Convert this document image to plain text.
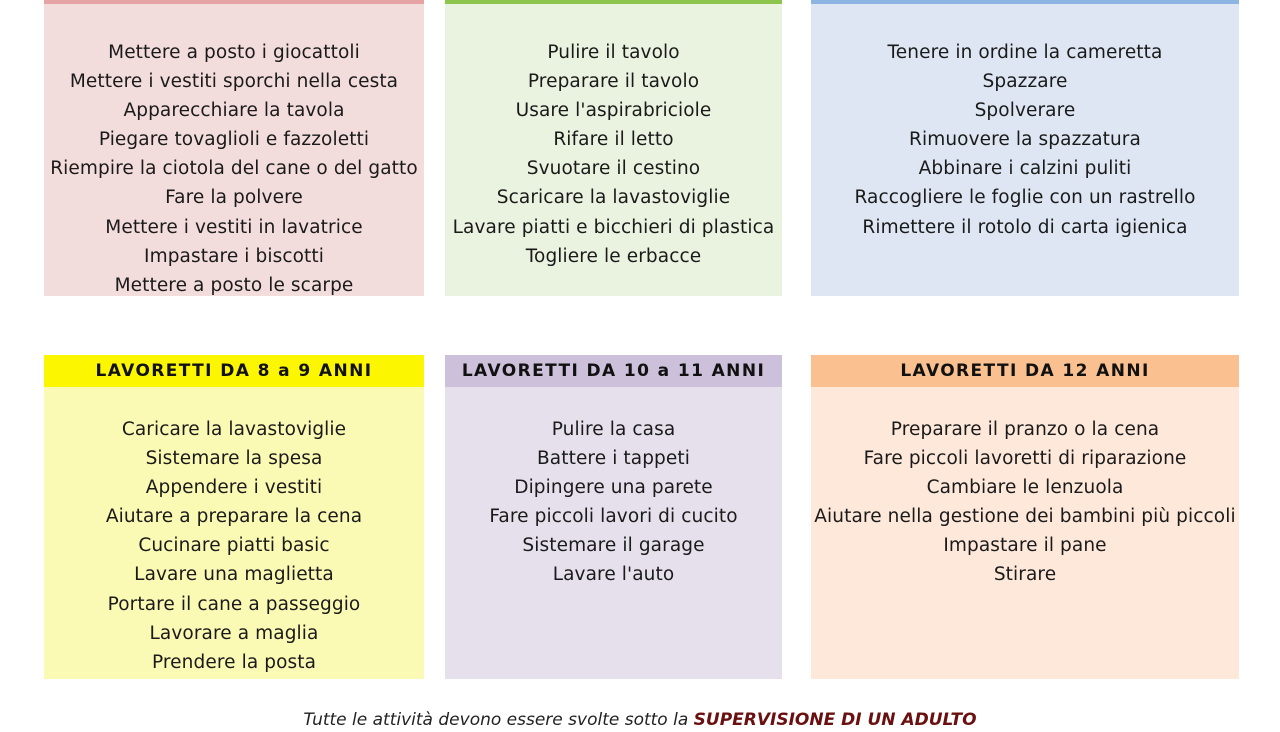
Mettere a posto i giocattoli
Mettere i vestiti sporchi nella cesta
Apparecchiare la tavola
Piegare tovaglioli e fazzoletti
Riempire la ciotola del cane o del gatto
Fare la polvere
Mettere i vestiti in lavatrice
Impastare i biscotti
Mettere a posto le scarpe
Pulire il tavolo
Preparare il tavolo
Usare l'aspirabriciole
Rifare il letto
Svuotare il cestino
Scaricare la lavastoviglie
Lavare piatti e bicchieri di plastica
Togliere le erbacce
Tenere in ordine la cameretta
Spazzare
Spolverare
Rimuovere la spazzatura
Abbinare i calzini puliti
Raccogliere le foglie con un rastrello
Rimettere il rotolo di carta igienica
LAVORETTI DA 8 a 9 ANNI
Caricare la lavastoviglie
Sistemare la spesa
Appendere i vestiti
Aiutare a preparare la cena
Cucinare piatti basic
Lavare una maglietta
Portare il cane a passeggio
Lavorare a maglia
Prendere la posta
LAVORETTI DA 10 a 11 ANNI
Pulire la casa
Battere i tappeti
Dipingere una parete
Fare piccoli lavori di cucito
Sistemare il garage
Lavare l'auto
LAVORETTI DA 12 ANNI
Preparare il pranzo o la cena
Fare piccoli lavoretti di riparazione
Cambiare le lenzuola
Aiutare nella gestione dei bambini più piccoli
Impastare il pane
Stirare
Tutte le attività devono essere svolte sotto la SUPERVISIONE DI UN ADULTO
